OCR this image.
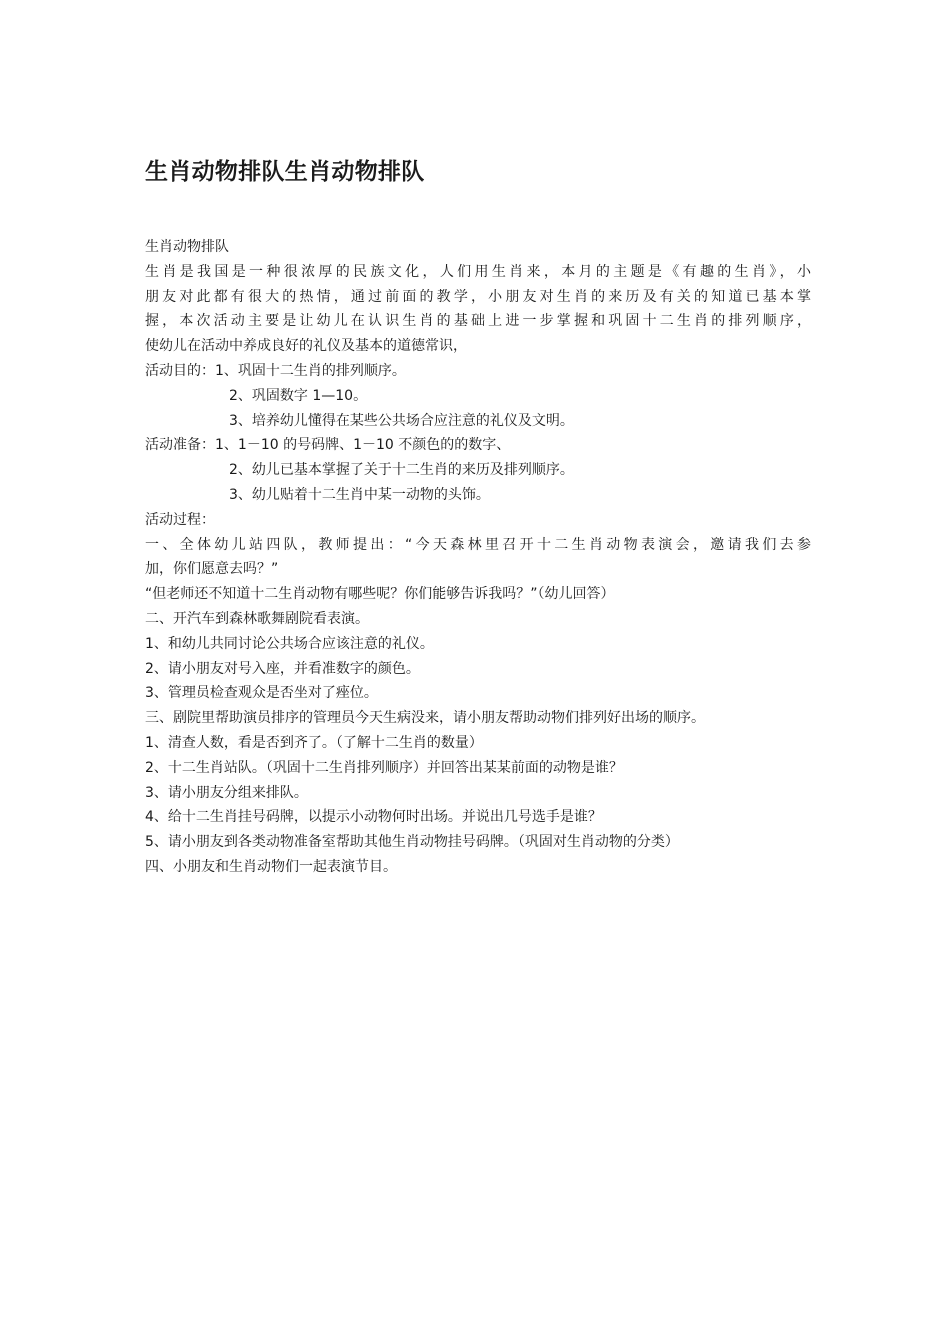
生肖动物排队生肖动物排队
生肖动物排队
生肖是我国是一种很浓厚的民族文化，人们用生肖来，本月的主题是《有趣的生肖》，小
朋友对此都有很大的热情，通过前面的教学，小朋友对生肖的来历及有关的知道已基本掌
握，本次活动主要是让幼儿在认识生肖的基础上进一步掌握和巩固十二生肖的排列顺序，
使幼儿在活动中养成良好的礼仪及基本的道德常识，
活动目的：1、巩固十二生肖的排列顺序。
2、巩固数字 1—10。
3、培养幼儿懂得在某些公共场合应注意的礼仪及文明。
活动准备：1、1－10 的号码牌、1－10 不颜色的的数字、
2、幼儿已基本掌握了关于十二生肖的来历及排列顺序。
3、幼儿贴着十二生肖中某一动物的头饰。
活动过程：
一、全体幼儿站四队，教师提出：“今天森林里召开十二生肖动物表演会，邀请我们去参
加，你们愿意去吗？”
“但老师还不知道十二生肖动物有哪些呢？你们能够告诉我吗？”（幼儿回答）
二、开汽车到森林歌舞剧院看表演。
1、和幼儿共同讨论公共场合应该注意的礼仪。
2、请小朋友对号入座，并看准数字的颜色。
3、管理员检查观众是否坐对了痤位。
三、剧院里帮助演员排序的管理员今天生病没来，请小朋友帮助动物们排列好出场的顺序。
1、清查人数，看是否到齐了。（了解十二生肖的数量）
2、十二生肖站队。（巩固十二生肖排列顺序）并回答出某某前面的动物是谁？
3、请小朋友分组来排队。
4、给十二生肖挂号码牌，以提示小动物何时出场。并说出几号选手是谁？
5、请小朋友到各类动物准备室帮助其他生肖动物挂号码牌。（巩固对生肖动物的分类）
四、小朋友和生肖动物们一起表演节目。
